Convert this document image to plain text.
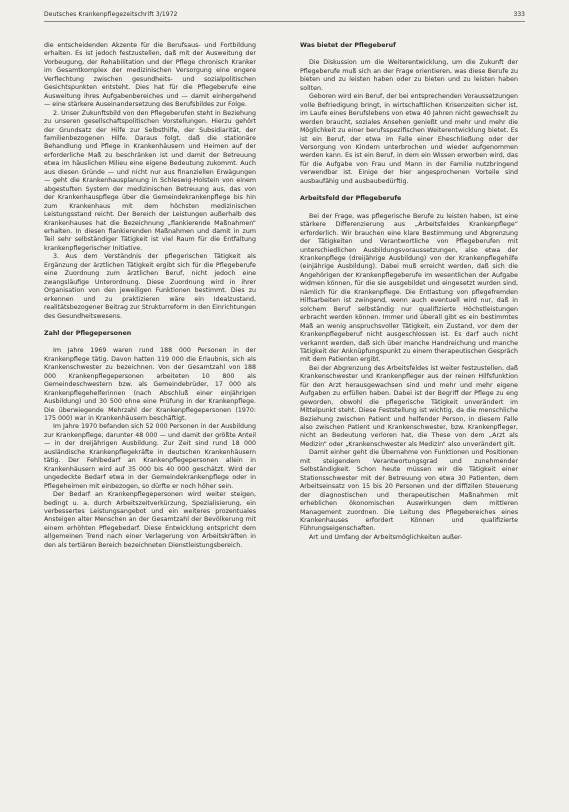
Deutsches Krankenpflegezeitschrift 3/1972	333

die entscheidenden Akzente für die Berufsaus- und Fortbildung erhalten. Es ist jedoch festzustellen, daß mit der Ausweitung der Vorbeugung, der Rehabilitation und der Pflege chronisch Kranker im Gesamtkomplex der medizinischen Versorgung eine engere Verflechtung zwischen gesundheits- und sozialpolitischen Gesichtspunkten entsteht. Dies hat für die Pflegeberufe eine Ausweitung ihres Aufgabenbereiches und — damit einhergehend — eine stärkere Auseinandersetzung des Berufsbildes zur Folge.

2. Unser Zukunftsbild von den Pflegeberufen steht in Beziehung zu unseren gesellschaftspolitischen Vorstellungen. Hierzu gehört der Grundsatz der Hilfe zur Selbsthilfe, der Subsidiarität, der familienbezogenen Hilfe. Daraus folgt, daß die stationäre Behandlung und Pflege in Krankenhäusern und Heimen auf der erforderliche Maß zu beschränken ist und damit der Betreuung etwa im häuslichen Milieu eine eigene Bedeutung zukommt. Auch aus diesen Gründe — und nicht nur aus finanziellen Erwägungen — geht die Krankenhausplanung in Schleswig-Holstein von einem abgestuften System der medizinischen Betreuung aus, das von der Krankenhauspflege über die Gemeindekrankenpflege bis hin zum Krankenhaus mit dem höchsten medizinischen Leistungsstand reicht. Der Bereich der Leistungen außerhalb des Krankenhauses hat die Bezeichnung „flankierende Maßnahmen“ erhalten. In diesen flankierenden Maßnahmen und damit in zum Teil sehr selbständiger Tätigkeit ist viel Raum für die Entfaltung krankenpflegerischer Initiative.

3. Aus dem Verständnis der pflegerischen Tätigkeit als Ergänzung der ärztlichen Tätigkeit ergibt sich für die Pflegeberufe eine Zuordnung zum ärztlichen Beruf, nicht jedoch eine zwangsläufige Unterordnung. Diese Zuordnung wird in ihrer Organisation von den jeweiligen Funktionen bestimmt. Dies zu erkennen und zu praktizieren wäre ein Idealzustand, realitätsbezogener Beitrag zur Strukturreform in den Einrichtungen des Gesundheitswesens.

Zahl der Pflegepersonen

Im Jahre 1969 waren rund 188 000 Personen in der Krankenpflege tätig. Davon hatten 119 000 die Erlaubnis, sich als Krankenschwester zu bezeichnen. Von der Gesamtzahl von 188 000 Krankenpflegepersonen arbeiteten 10 800 als Gemeindeschwestern bzw. als Gemeindebrüder, 17 000 als Krankenpflegehelferinnen (nach Abschluß einer einjährigen Ausbildung) und 30 500 ohne eine Prüfung in der Krankenpflege. Die überwiegende Mehrzahl der Krankenpflegepersonen (1970: 175 000) war in Krankenhäusern beschäftigt.

Im Jahre 1970 befanden sich 52 000 Personen in der Ausbildung zur Krankenpflege, darunter 48 000 — und damit der größte Anteil — in der dreijährigen Ausbildung. Zur Zeit sind rund 18 000 ausländische Krankenpflegekräfte in deutschen Krankenhäusern tätig. Der Fehlbedarf an Krankenpflegepersonen allein in Krankenhäusern wird auf 35 000 bis 40 000 geschätzt. Wird der ungedeckte Bedarf etwa in der Gemeindekrankenpflege oder in Pflegeheimen mit einbezogen, so dürfte er noch höher sein.

Der Bedarf an Krankenpflegepersonen wird weiter steigen, bedingt u. a. durch Arbeitszeitverkürzung, Spezialisierung, ein verbessertes Leistungsangebot und ein weiteres prozentuales Ansteigen alter Menschen an der Gesamtzahl der Bevölkerung mit einem erhöhten Pflegebedarf. Diese Entwicklung entspricht dem allgemeinen Trend nach einer Verlagerung von Arbeitskräften in den als tertiären Bereich bezeichneten Dienstleistungsbereich.

Was bietet der Pflegeberuf

Die Diskussion um die Weiterentwicklung, um die Zukunft der Pflegeberufe muß sich an der Frage orientieren, was diese Berufe zu bieten und zu leisten haben oder zu bieten und zu leisten haben sollten.

Geboren wird ein Beruf, der bei entsprechenden Voraussetzungen volle Befriedigung bringt, in wirtschaftlichen Krisenzeiten sicher ist, im Laufe eines Berufslebens von etwa 40 Jahren nicht gewechselt zu werden braucht, soziales Ansehen genießt und mehr und mehr die Möglichkeit zu einer berufsspezifischen Weiterentwicklung bietet. Es ist ein Beruf, der etwa im Falle einer Eheschließung oder der Versorgung von Kindern unterbrochen und wieder aufgenommen werden kann. Es ist ein Beruf, in dem ein Wissen erworben wird, das für die Aufgabe von Frau und Mann in der Familie nutzbringend verwendbar ist. Einige der hier angesprochenen Vorteile sind ausbaufähig und ausbaubedürftig.

Arbeitsfeld der Pflegeberufe

Bei der Frage, was pflegerische Berufe zu leisten haben, ist eine stärkere Differenzierung aus „Arbeitsfeldes Krankenpflege“ erforderlich. Wir brauchen eine klare Bestimmung und Abgrenzung der Tätigkeiten und Verantwortliche von Pflegeberufen mit unterschiedlichen Ausbildungsvoraussetzungen, also etwa der Krankenpflege (dreijährige Ausbildung) von der Krankenpflegehilfe (einjährige Ausbildung). Dabei muß erreicht werden, daß sich die Angehörigen der Krankenpflegeberufe im wesentlichen der Aufgabe widmen können, für die sie ausgebildet und eingesetzt wurden sind, nämlich für die Krankenpflege. Die Entlastung von pflegefremden Hilfsarbeiten ist zwingend, wenn auch eventuell wird nur, daß in solchem Beruf selbständig nur qualifizierte Höchstleistungen erbracht werden können. Immer und überall gibt es ein bestimmtes Maß an wenig anspruchsvoller Tätigkeit, ein Zustand, vor dem der Krankenpflegeberuf nicht ausgeschlossen ist. Es darf auch nicht verkannt werden, daß sich über manche Handreichung und manche Tätigkeit der Anknüpfungspunkt zu einem therapeutischen Gespräch mit dem Patienten ergibt.

Bei der Abgrenzung des Arbeitsfeldes ist weiter festzustellen, daß Krankenschwester und Krankenpfleger aus der reinen Hilfsfunktion für den Arzt herausgewachsen sind und mehr und mehr eigene Aufgaben zu erfüllen haben. Dabei ist der Begriff der Pflege zu eng geworden, obwohl die pflegerische Tätigkeit unverändert im Mittelpunkt steht. Diese Feststellung ist wichtig, da die menschliche Beziehung zwischen Patient und helfender Person, in diesem Falle also zwischen Patient und Krankenschwester, bzw. Krankenpfleger, nicht an Bedeutung verloren hat, die These von dem „Arzt als Medizin“ oder „Krankenschwester als Medizin“ also unverändert gilt.

Damit einher geht die Übernahme von Funktionen und Positionen mit steigendem Verantwortungsgrad und zunehmender Selbständigkeit. Schon heute müssen wir die Tätigkeit einer Stationsschwester mit der Betreuung von etwa 30 Patienten, dem Arbeitseinsatz von 15 bis 20 Personen und der diffizilen Steuerung der diagnostischen und therapeutischen Maßnahmen mit erheblichen ökonomischen Auswirkungen dem mittleren Management zuordnen. Die Leitung des Pflegebereiches eines Krankenhauses erfordert Können und qualifizierte Führungseigenschaften.

Art und Umfang der Arbeitsmöglichkeiten außer-
